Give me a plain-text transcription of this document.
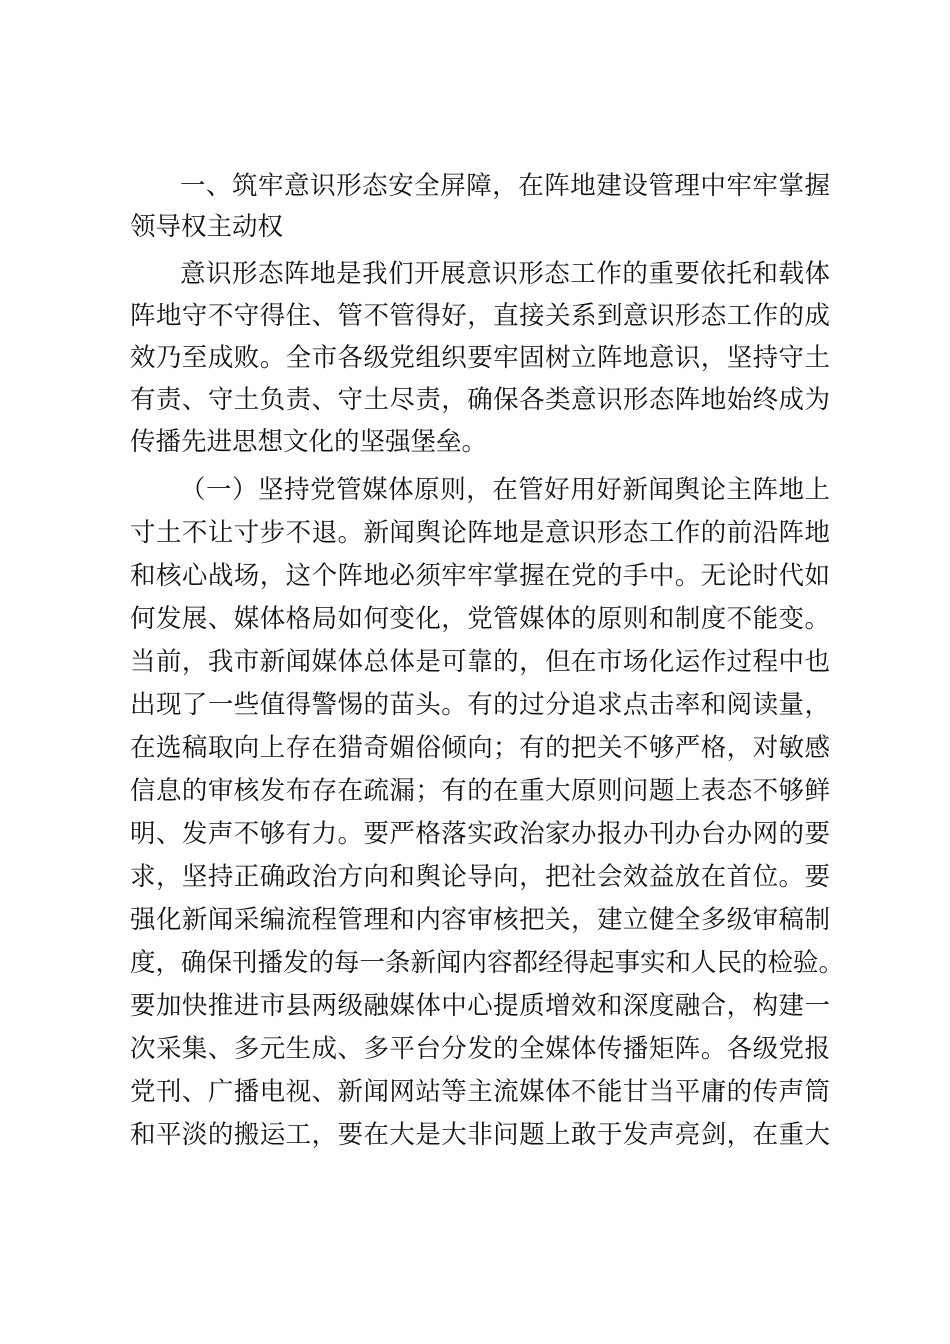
一、筑牢意识形态安全屏障，在阵地建设管理中牢牢掌握
领导权主动权
意识形态阵地是我们开展意识形态工作的重要依托和载体
阵地守不守得住、管不管得好，直接关系到意识形态工作的成
效乃至成败。全市各级党组织要牢固树立阵地意识，坚持守土
有责、守土负责、守土尽责，确保各类意识形态阵地始终成为
传播先进思想文化的坚强堡垒。
（一）坚持党管媒体原则，在管好用好新闻舆论主阵地上
寸土不让寸步不退。新闻舆论阵地是意识形态工作的前沿阵地
和核心战场，这个阵地必须牢牢掌握在党的手中。无论时代如
何发展、媒体格局如何变化，党管媒体的原则和制度不能变。
当前，我市新闻媒体总体是可靠的，但在市场化运作过程中也
出现了一些值得警惕的苗头。有的过分追求点击率和阅读量，
在选稿取向上存在猎奇媚俗倾向；有的把关不够严格，对敏感
信息的审核发布存在疏漏；有的在重大原则问题上表态不够鲜
明、发声不够有力。要严格落实政治家办报办刊办台办网的要
求，坚持正确政治方向和舆论导向，把社会效益放在首位。要
强化新闻采编流程管理和内容审核把关，建立健全多级审稿制
度，确保刊播发的每一条新闻内容都经得起事实和人民的检验。
要加快推进市县两级融媒体中心提质增效和深度融合，构建一
次采集、多元生成、多平台分发的全媒体传播矩阵。各级党报
党刊、广播电视、新闻网站等主流媒体不能甘当平庸的传声筒
和平淡的搬运工，要在大是大非问题上敢于发声亮剑，在重大
